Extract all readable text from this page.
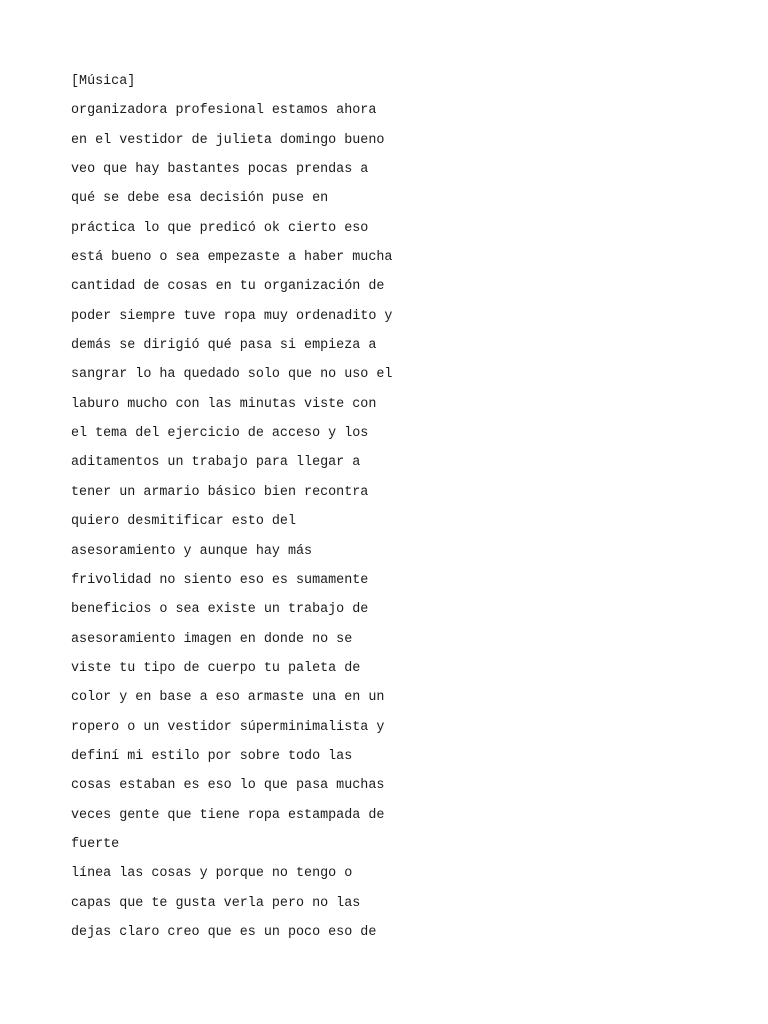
[Música]
organizadora profesional estamos ahora
en el vestidor de julieta domingo bueno
veo que hay bastantes pocas prendas a
qué se debe esa decisión puse en
práctica lo que predicó ok cierto eso
está bueno o sea empezaste a haber mucha
cantidad de cosas en tu organización de
poder siempre tuve ropa muy ordenadito y
demás se dirigió qué pasa si empieza a
sangrar lo ha quedado solo que no uso el
laburo mucho con las minutas viste con
el tema del ejercicio de acceso y los
aditamentos un trabajo para llegar a
tener un armario básico bien recontra
quiero desmitificar esto del
asesoramiento y aunque hay más
frivolidad no siento eso es sumamente
beneficios o sea existe un trabajo de
asesoramiento imagen en donde no se
viste tu tipo de cuerpo tu paleta de
color y en base a eso armaste una en un
ropero o un vestidor súperminimalista y
definí mi estilo por sobre todo las
cosas estaban es eso lo que pasa muchas
veces gente que tiene ropa estampada de
fuerte
línea las cosas y porque no tengo o
capas que te gusta verla pero no las
dejas claro creo que es un poco eso de
